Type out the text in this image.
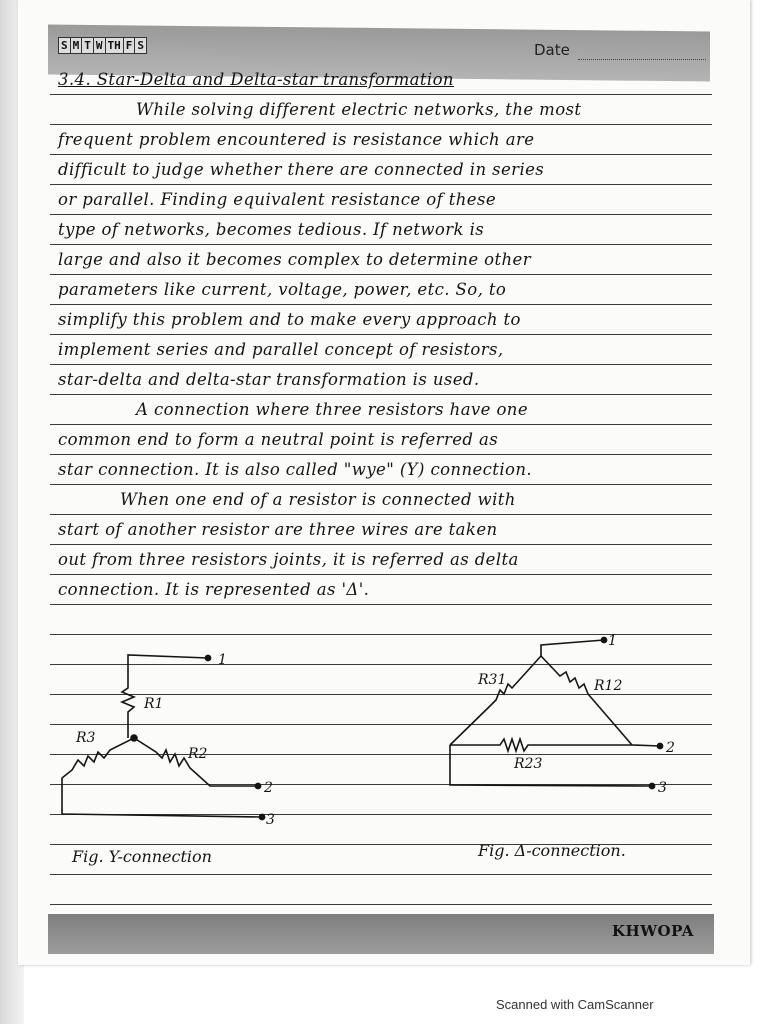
S M T W TH F S	Date
3.4. Star-Delta and Delta-star transformation
While solving different electric networks, the most
frequent problem encountered is resistance which are
difficult to judge whether there are connected in series
or parallel. Finding equivalent resistance of these
type of networks, becomes tedious. If network is
large and also it becomes complex to determine other
parameters like current, voltage, power, etc. So, to
simplify this problem and to make every approach to
implement series and parallel concept of resistors,
star-delta and delta-star transformation is used.
A connection where three resistors have one
common end to form a neutral point is referred as
star connection. It is also called "wye" (Y) connection.
When one end of a resistor is connected with
start of another resistor are three wires are taken
out from three resistors joints, it is referred as delta
connection. It is represented as 'Δ'.
R1
R2
R3
1
2
3
R31	R12
R23
1
2
3
Fig. Y-connection	Fig. Δ-connection.
KHWOPA
Scanned with CamScanner
